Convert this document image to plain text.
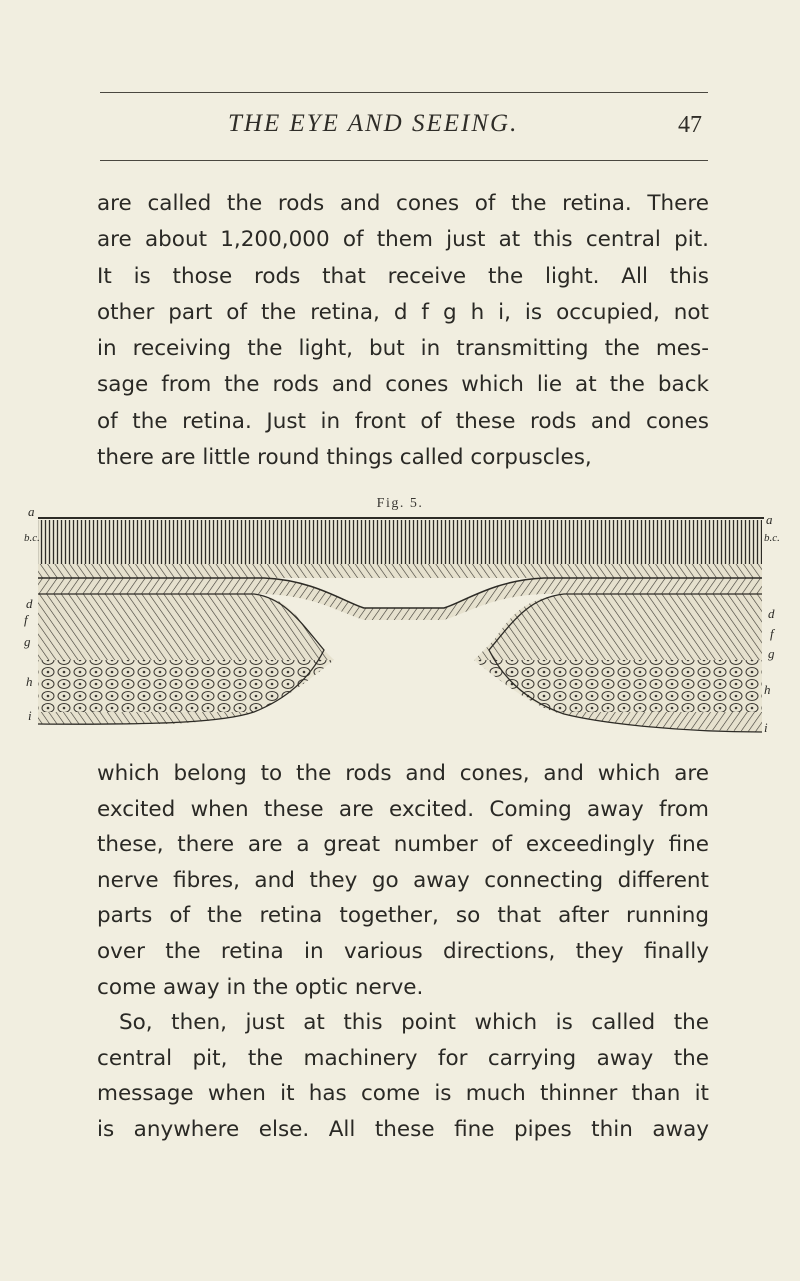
THE EYE AND SEEING.	47
are called the rods and cones of the retina. There
are about 1,200,000 of them just at this central pit.
It is those rods that receive the light. All this
other part of the retina, d f g h i, is occupied, not
in receiving the light, but in transmitting the mes-
sage from the rods and cones which lie at the back
of the retina. Just in front of these rods and cones
there are little round things called corpuscles,
Fig. 5.
a
b.c.
d
f
g
h
i
a
b.c.
d
f
g
h
i
which belong to the rods and cones, and which are
excited when these are excited. Coming away from
these, there are a great number of exceedingly fine
nerve fibres, and they go away connecting different
parts of the retina together, so that after running
over the retina in various directions, they finally
come away in the optic nerve.
So, then, just at this point which is called the
central pit, the machinery for carrying away the
message when it has come is much thinner than it
is anywhere else. All these fine pipes thin away
